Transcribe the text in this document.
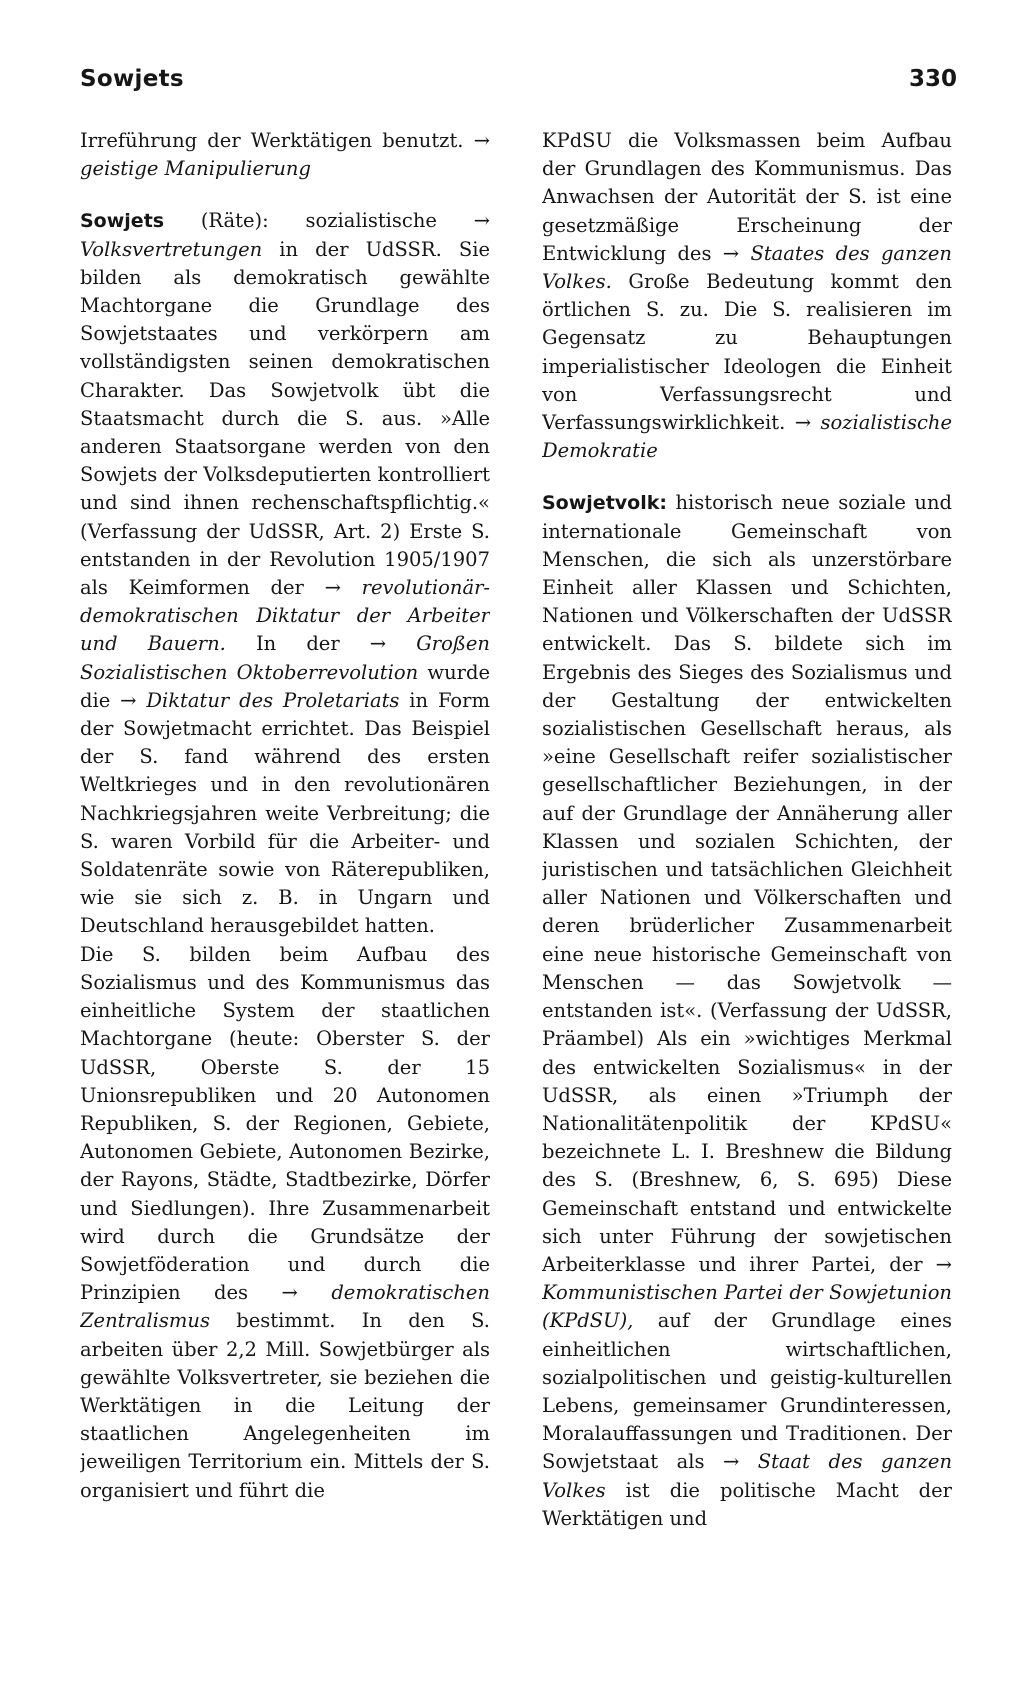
Sowjets	330

Irreführung der Werktätigen benutzt. → geistige Manipulierung

Sowjets (Räte): sozialistische → Volksvertretungen in der UdSSR. Sie bilden als demokratisch gewählte Machtorgane die Grundlage des Sowjetstaates und verkörpern am vollständigsten seinen demokratischen Charakter. Das Sowjetvolk übt die Staatsmacht durch die S. aus. »Alle anderen Staatsorgane werden von den Sowjets der Volksdeputierten kontrolliert und sind ihnen rechenschaftspflichtig.« (Verfassung der UdSSR, Art. 2) Erste S. entstanden in der Revolution 1905/1907 als Keimformen der → revolutionär-demokratischen Diktatur der Arbeiter und Bauern. In der → Großen Sozialistischen Oktoberrevolution wurde die → Diktatur des Proletariats in Form der Sowjetmacht errichtet. Das Beispiel der S. fand während des ersten Weltkrieges und in den revolutionären Nachkriegsjahren weite Verbreitung; die S. waren Vorbild für die Arbeiter- und Soldatenräte sowie von Räterepubliken, wie sie sich z. B. in Ungarn und Deutschland herausgebildet hatten.

Die S. bilden beim Aufbau des Sozialismus und des Kommunismus das einheitliche System der staatlichen Machtorgane (heute: Oberster S. der UdSSR, Oberste S. der 15 Unionsrepubliken und 20 Autonomen Republiken, S. der Regionen, Gebiete, Autonomen Gebiete, Autonomen Bezirke, der Rayons, Städte, Stadtbezirke, Dörfer und Siedlungen). Ihre Zusammenarbeit wird durch die Grundsätze der Sowjetföderation und durch die Prinzipien des → demokratischen Zentralismus bestimmt. In den S. arbeiten über 2,2 Mill. Sowjetbürger als gewählte Volksvertreter, sie beziehen die Werktätigen in die Leitung der staatlichen Angelegenheiten im jeweiligen Territorium ein. Mittels der S. organisiert und führt die

KPdSU die Volksmassen beim Aufbau der Grundlagen des Kommunismus. Das Anwachsen der Autorität der S. ist eine gesetzmäßige Erscheinung der Entwicklung des → Staates des ganzen Volkes. Große Bedeutung kommt den örtlichen S. zu. Die S. realisieren im Gegensatz zu Behauptungen imperialistischer Ideologen die Einheit von Verfassungsrecht und Verfassungswirklichkeit. → sozialistische Demokratie

Sowjetvolk: historisch neue soziale und internationale Gemeinschaft von Menschen, die sich als unzerstörbare Einheit aller Klassen und Schichten, Nationen und Völkerschaften der UdSSR entwickelt. Das S. bildete sich im Ergebnis des Sieges des Sozialismus und der Gestaltung der entwickelten sozialistischen Gesellschaft heraus, als »eine Gesellschaft reifer sozialistischer gesellschaftlicher Beziehungen, in der auf der Grundlage der Annäherung aller Klassen und sozialen Schichten, der juristischen und tatsächlichen Gleichheit aller Nationen und Völkerschaften und deren brüderlicher Zusammenarbeit eine neue historische Gemeinschaft von Menschen — das Sowjetvolk — entstanden ist«. (Verfassung der UdSSR, Präambel) Als ein »wichtiges Merkmal des entwickelten Sozialismus« in der UdSSR, als einen »Triumph der Nationalitätenpolitik der KPdSU« bezeichnete L. I. Breshnew die Bildung des S. (Breshnew, 6, S. 695) Diese Gemeinschaft entstand und entwickelte sich unter Führung der sowjetischen Arbeiterklasse und ihrer Partei, der → Kommunistischen Partei der Sowjetunion (KPdSU), auf der Grundlage eines einheitlichen wirtschaftlichen, sozialpolitischen und geistig-kulturellen Lebens, gemeinsamer Grundinteressen, Moralauffassungen und Traditionen. Der Sowjetstaat als → Staat des ganzen Volkes ist die politische Macht der Werktätigen und
